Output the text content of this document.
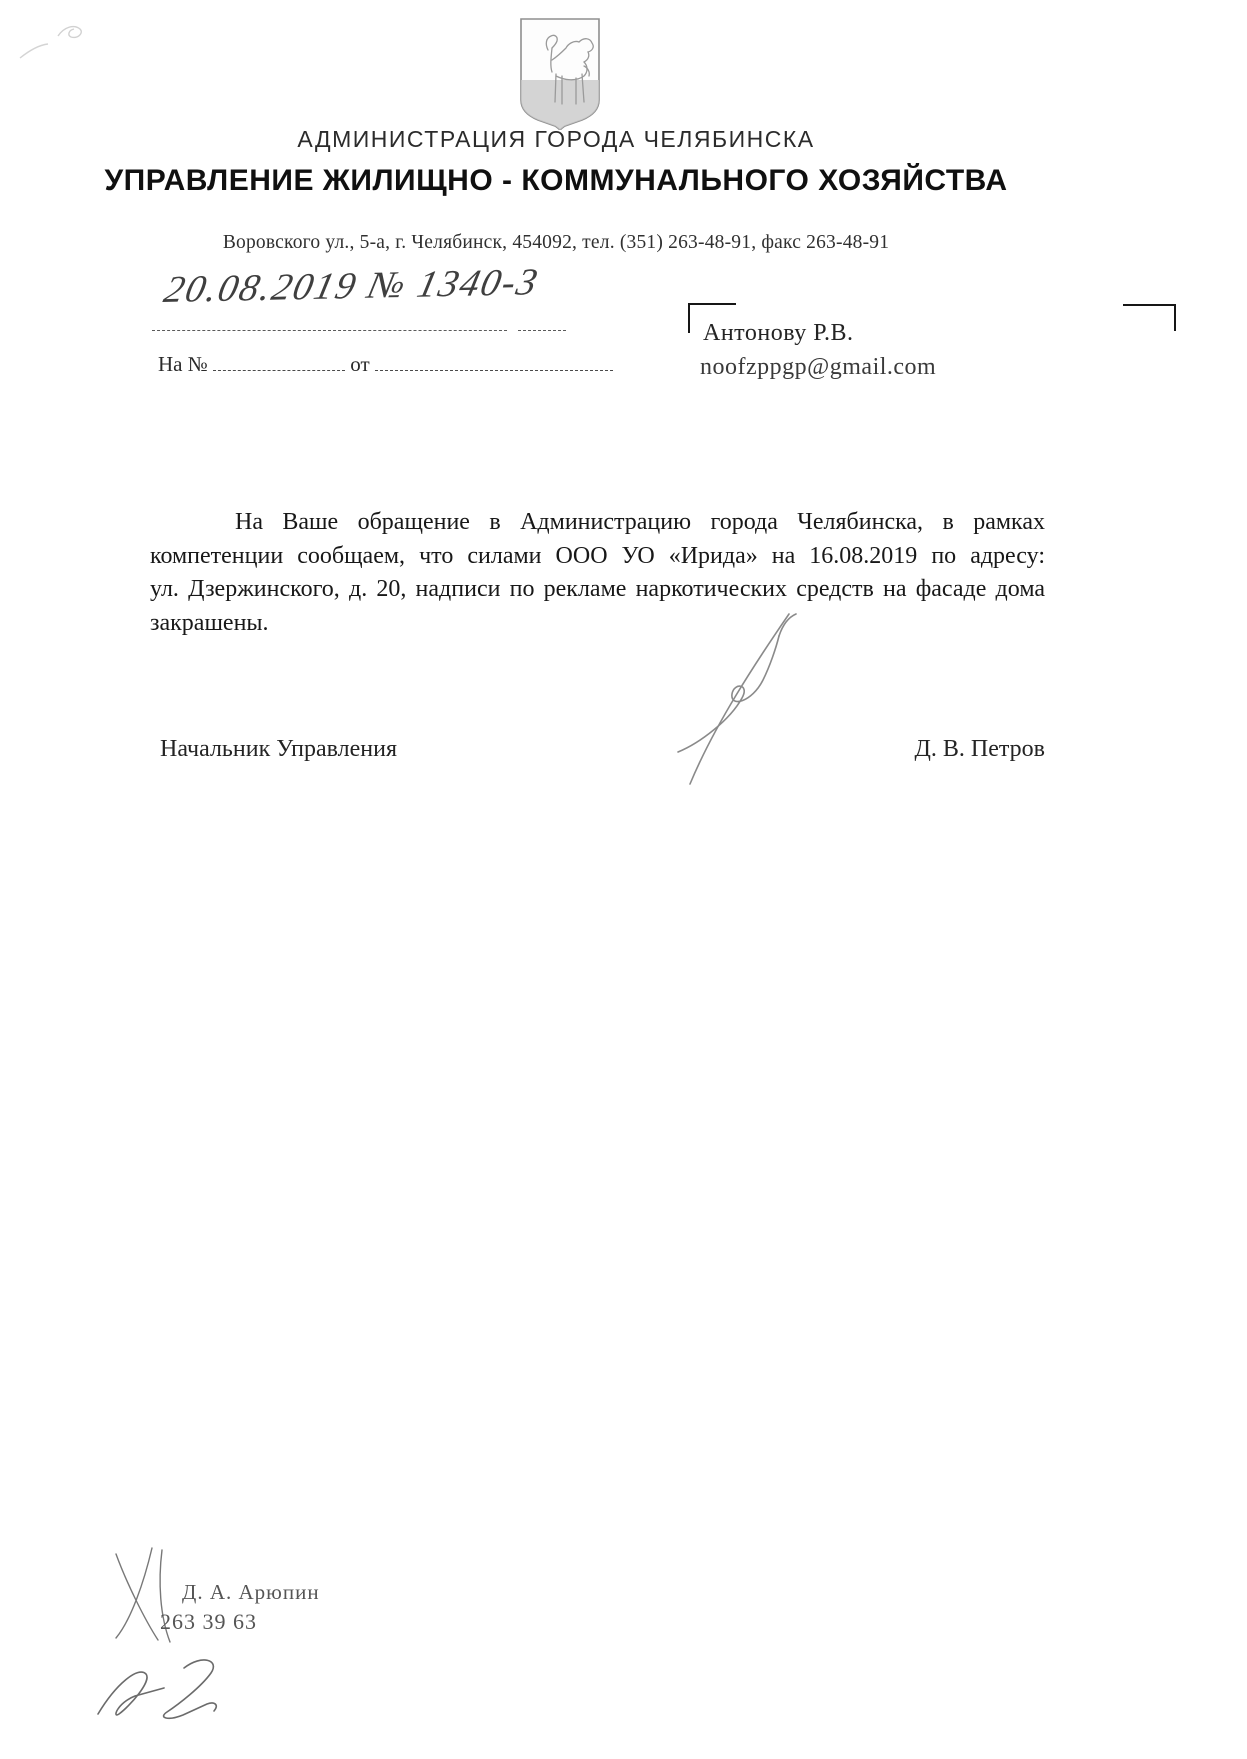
АДМИНИСТРАЦИЯ ГОРОДА ЧЕЛЯБИНСКА
УПРАВЛЕНИЕ ЖИЛИЩНО - КОММУНАЛЬНОГО ХОЗЯЙСТВА
Воровского ул., 5-а, г. Челябинск, 454092, тел. (351) 263-48-91, факс 263-48-91
20.08.2019 № 1340-3
На №	от
Антонову Р.В.
noofzppgp@gmail.com
На Ваше обращение в Администрацию города Челябинска, в рамках
компетенции сообщаем, что силами ООО УО «Ирида» на 16.08.2019 по адресу:
ул. Дзержинского, д. 20, надписи по рекламе наркотических средств на фасаде дома
закрашены.
Начальник Управления	Д. В. Петров
Д. А. Арюпин
263 39 63
